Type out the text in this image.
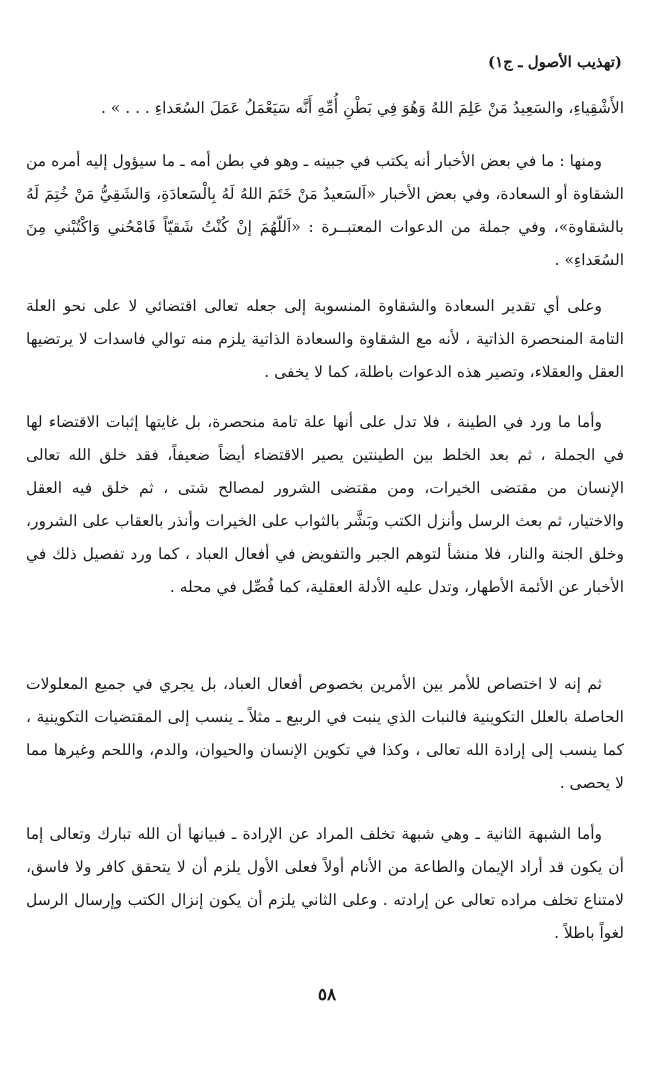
(تهذيب الأصول ـ ج١)

الأَشْقِياءِ، والسَعِيدُ مَنْ عَلِمَ اللهُ وَهُوَ فِي بَطْنِ أُمِّهِ أَنَّه سَيَعْمَلُ عَمَلَ السُعَداءِ . . . » .

ومنها : ما في بعض الأخبار أنه يكتب في جبينه ـ وهو في بطن أمه ـ ما سيؤول إليه أمره من الشقاوة أو السعادة، وفي بعض الأخبار «اَلسَعيدُ مَنْ خَتَمَ اللهُ لَهُ بِالْسَعادَةِ، وَالشَقِيُّ مَنْ خُتِمَ لَهُ بالشقاوة»، وفي جملة من الدعوات المعتبــرة : «اَللّهُمَ إنْ كُنْتُ شَقيّاً فَامْحُني وَاكْتُبْني مِنَ السُعَداءِ» .

وعلى أي تقدير السعادة والشقاوة المنسوبة إلى جعله تعالى اقتضائي لا على نحو العلة التامة المنحصرة الذاتية ، لأنه مع الشقاوة والسعادة الذاتية يلزم منه توالي فاسدات لا يرتضيها العقل والعقلاء، وتصير هذه الدعوات باطلة، كما لا يخفى .

وأما ما ورد في الطينة ، فلا تدل على أنها علة تامة منحصرة، بل غايتها إثبات الاقتضاء لها في الجملة ، ثم بعد الخلط بين الطينتين يصير الاقتضاء أيضاً ضعيفاً، فقد خلق الله تعالى الإنسان من مقتضى الخيرات، ومن مقتضى الشرور لمصالح شتى ، ثم خلق فيه العقل والاختيار، ثم بعث الرسل وأنزل الكتب وبَشَّر بالثواب على الخيرات وأنذر بالعقاب على الشرور، وخلق الجنة والنار، فلا منشأ لتوهم الجبر والتفويض في أفعال العباد ، كما ورد تفصيل ذلك في الأخبار عن الأئمة الأطهار، وتدل عليه الأدلة العقلية، كما فُصِّل في محله .

ثم إنه لا اختصاص للأمر بين الأمرين بخصوص أفعال العباد، بل يجري في جميع المعلولات الحاصلة بالعلل التكوينية فالنبات الذي ينبت في الربيع ـ مثلاً ـ ينسب إلى المقتضيات التكوينية ، كما ينسب إلى إرادة الله تعالى ، وكذا في تكوين الإنسان والحيوان، والدم، واللحم وغيرها مما لا يحصى .

وأما الشبهة الثانية ـ وهي شبهة تخلف المراد عن الإرادة ـ فبيانها أن الله تبارك وتعالى إما أن يكون قد أراد الإيمان والطاعة من الأنام أولاً فعلى الأول يلزم أن لا يتحقق كافر ولا فاسق، لامتناع تخلف مراده تعالى عن إرادته . وعلى الثاني يلزم أن يكون إنزال الكتب وإرسال الرسل لغواً باطلاً .

٥٨
